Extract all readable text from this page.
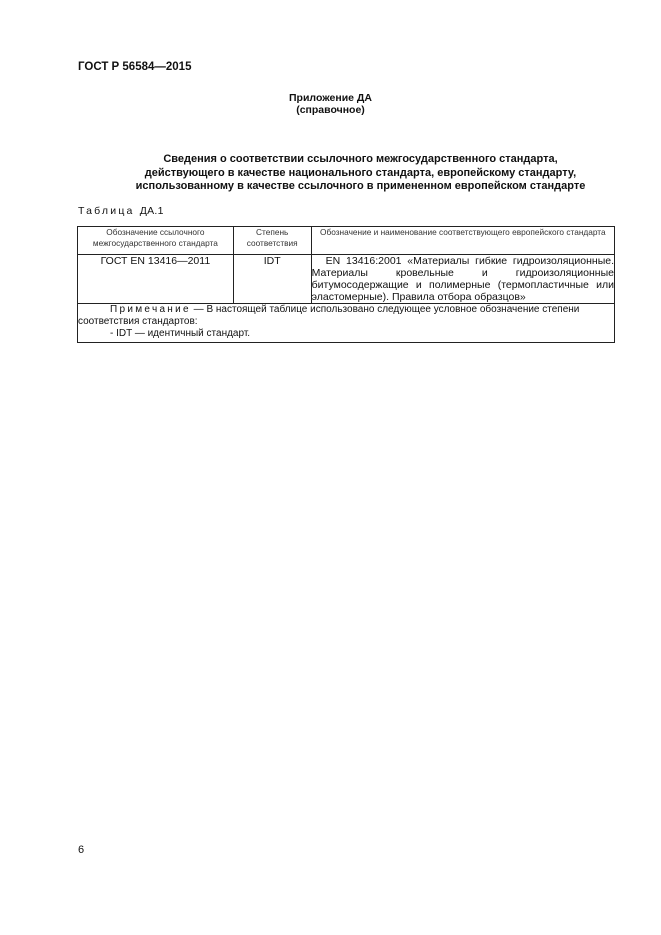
ГОСТ Р 56584—2015
Приложение ДА
(справочное)
Сведения о соответствии ссылочного межгосударственного стандарта,
действующего в качестве национального стандарта, европейскому стандарту,
использованному в качестве ссылочного в примененном европейском стандарте
Таблица ДА.1
Обозначение ссылочного межгосударственного стандарта	Степень соответствия	Обозначение и наименование соответствующего европейского стандарта
ГОСТ EN 13416—2011	IDT	EN 13416:2001 «Материалы гибкие гидроизоляционные. Материалы кровельные и гидроизоляционные битумосодержащие и полимерные (термопластичные или эластомерные). Правила отбора образцов»

Примечание — В настоящей таблице использовано следующее условное обозначение степени соответствия стандартов:
- IDT — идентичный стандарт.		
6
